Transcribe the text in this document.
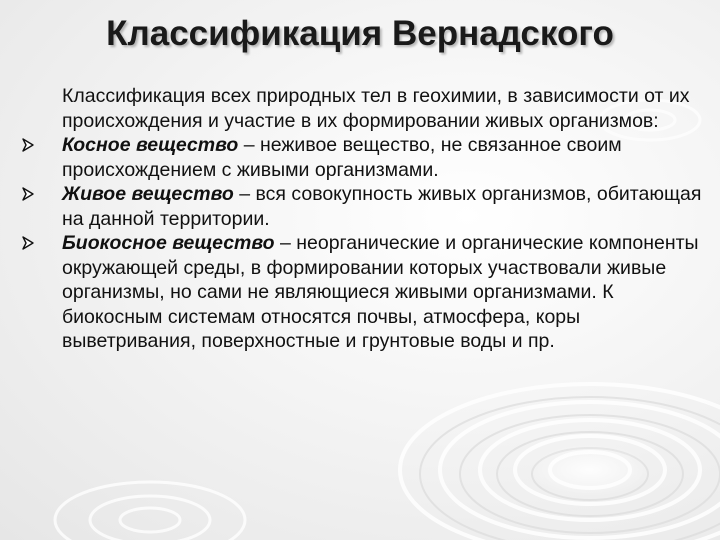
Классификация Вернадского

Классификация всех природных тел в геохимии, в зависимости от их происхождения и участие в их формировании живых организмов:

Косное вещество – неживое вещество, не связанное своим происхождением с живыми организмами.

Живое вещество – вся совокупность живых организмов, обитающая на данной территории.

Биокосное вещество – неорганические и органические компоненты окружающей среды, в формировании которых участвовали живые организмы, но сами не являющиеся живыми организмами. К биокосным системам относятся почвы, атмосфера, коры выветривания, поверхностные и грунтовые воды и пр.
